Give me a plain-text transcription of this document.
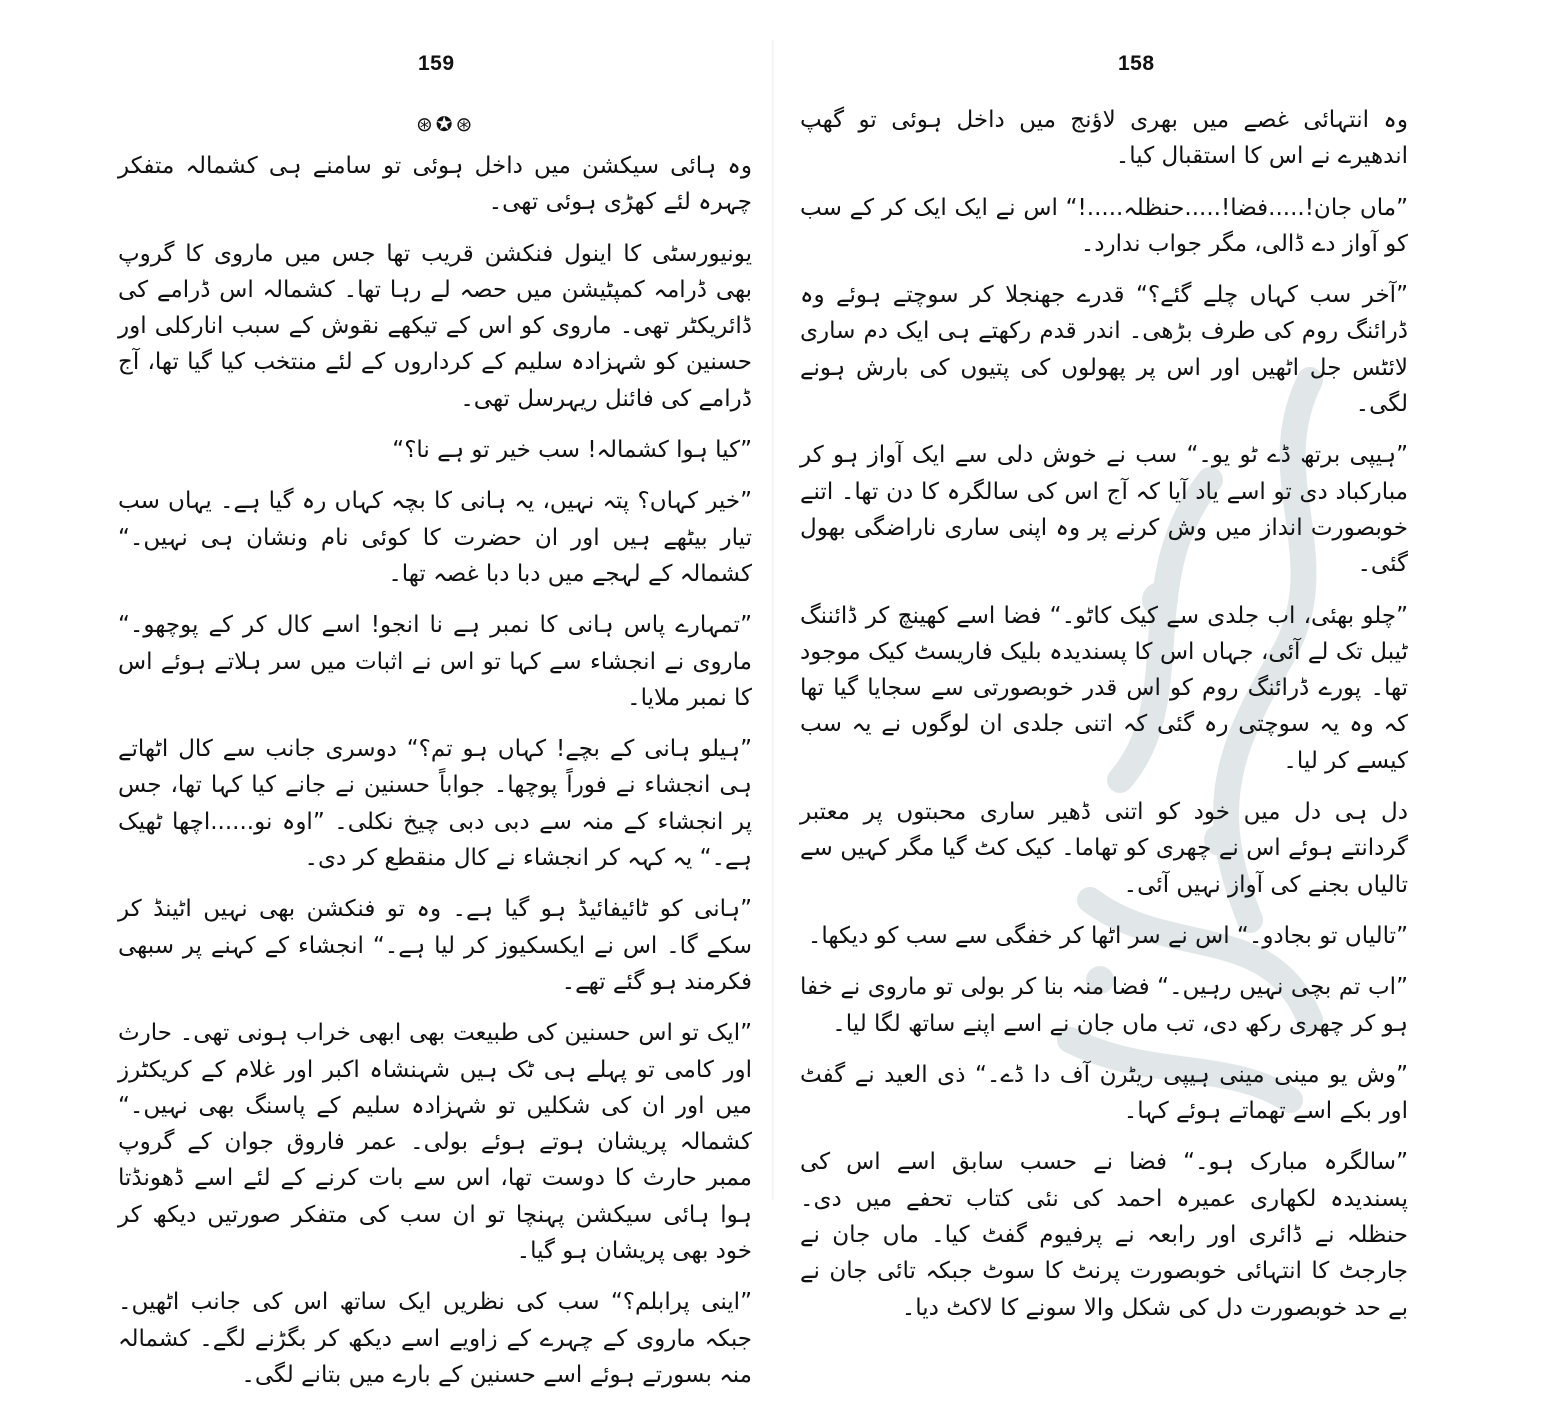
159
⊛✪⊛

وہ ہائی سیکشن میں داخل ہوئی تو سامنے ہی کشمالہ متفکر چہرہ لئے کھڑی ہوئی تھی۔

یونیورسٹی کا اینول فنکشن قریب تھا جس میں ماروی کا گروپ بھی ڈرامہ کمپٹیشن میں حصہ لے رہا تھا۔ کشمالہ اس ڈرامے کی ڈائریکٹر تھی۔ ماروی کو اس کے تیکھے نقوش کے سبب انارکلی اور حسنین کو شہزادہ سلیم کے کرداروں کے لئے منتخب کیا گیا تھا، آج ڈرامے کی فائنل ریہرسل تھی۔

”کیا ہوا کشمالہ! سب خیر تو ہے نا؟“

”خیر کہاں؟ پتہ نہیں، یہ ہانی کا بچہ کہاں رہ گیا ہے۔ یہاں سب تیار بیٹھے ہیں اور ان حضرت کا کوئی نام ونشان ہی نہیں۔“ کشمالہ کے لہجے میں دبا دبا غصہ تھا۔

”تمہارے پاس ہانی کا نمبر ہے نا انجو! اسے کال کر کے پوچھو۔“ ماروی نے انجشاء سے کہا تو اس نے اثبات میں سر ہلاتے ہوئے اس کا نمبر ملایا۔

”ہیلو ہانی کے بچے! کہاں ہو تم؟“ دوسری جانب سے کال اٹھاتے ہی انجشاء نے فوراً پوچھا۔ جواباً حسنین نے جانے کیا کہا تھا، جس پر انجشاء کے منہ سے دبی دبی چیخ نکلی۔ ”اوہ نو......اچھا ٹھیک ہے۔“ یہ کہہ کر انجشاء نے کال منقطع کر دی۔

”ہانی کو ٹائیفائیڈ ہو گیا ہے۔ وہ تو فنکشن بھی نہیں اٹینڈ کر سکے گا۔ اس نے ایکسکیوز کر لیا ہے۔“ انجشاء کے کہنے پر سبھی فکرمند ہو گئے تھے۔

”ایک تو اس حسنین کی طبیعت بھی ابھی خراب ہونی تھی۔ حارث اور کامی تو پہلے ہی ٹک ہیں شہنشاہ اکبر اور غلام کے کریکٹرز میں اور ان کی شکلیں تو شہزادہ سلیم کے پاسنگ بھی نہیں۔“ کشمالہ پریشان ہوتے ہوئے بولی۔ عمر فاروق جوان کے گروپ ممبر حارث کا دوست تھا، اس سے بات کرنے کے لئے اسے ڈھونڈتا ہوا ہائی سیکشن پہنچا تو ان سب کی متفکر صورتیں دیکھ کر خود بھی پریشان ہو گیا۔

”اینی پرابلم؟“ سب کی نظریں ایک ساتھ اس کی جانب اٹھیں۔ جبکہ ماروی کے چہرے کے زاویے اسے دیکھ کر بگڑنے لگے۔ کشمالہ منہ بسورتے ہوئے اسے حسنین کے بارے میں بتانے لگی۔

158

وہ انتہائی غصے میں بھری لاؤنج میں داخل ہوئی تو گھپ اندھیرے نے اس کا استقبال کیا۔

”ماں جان!.....فضا!.....حنظلہ.....!“ اس نے ایک ایک کر کے سب کو آواز دے ڈالی، مگر جواب ندارد۔

”آخر سب کہاں چلے گئے؟“ قدرے جھنجلا کر سوچتے ہوئے وہ ڈرائنگ روم کی طرف بڑھی۔ اندر قدم رکھتے ہی ایک دم ساری لائٹس جل اٹھیں اور اس پر پھولوں کی پتیوں کی بارش ہونے لگی۔

”ہیپی برتھ ڈے ٹو یو۔“ سب نے خوش دلی سے ایک آواز ہو کر مبارکباد دی تو اسے یاد آیا کہ آج اس کی سالگرہ کا دن تھا۔ اتنے خوبصورت انداز میں وش کرنے پر وہ اپنی ساری ناراضگی بھول گئی۔

”چلو بھئی، اب جلدی سے کیک کاٹو۔“ فضا اسے کھینچ کر ڈائننگ ٹیبل تک لے آئی، جہاں اس کا پسندیدہ بلیک فاریسٹ کیک موجود تھا۔ پورے ڈرائنگ روم کو اس قدر خوبصورتی سے سجایا گیا تھا کہ وہ یہ سوچتی رہ گئی کہ اتنی جلدی ان لوگوں نے یہ سب کیسے کر لیا۔

دل ہی دل میں خود کو اتنی ڈھیر ساری محبتوں پر معتبر گردانتے ہوئے اس نے چھری کو تھاما۔ کیک کٹ گیا مگر کہیں سے تالیاں بجنے کی آواز نہیں آئی۔

”تالیاں تو بجادو۔“ اس نے سر اٹھا کر خفگی سے سب کو دیکھا۔

”اب تم بچی نہیں رہیں۔“ فضا منہ بنا کر بولی تو ماروی نے خفا ہو کر چھری رکھ دی، تب ماں جان نے اسے اپنے ساتھ لگا لیا۔

”وش یو مینی مینی ہیپی ریٹرن آف دا ڈے۔“ ذی العید نے گفٹ اور بکے اسے تھماتے ہوئے کہا۔

”سالگرہ مبارک ہو۔“ فضا نے حسب سابق اسے اس کی پسندیدہ لکھاری عمیرہ احمد کی نئی کتاب تحفے میں دی۔ حنظلہ نے ڈائری اور رابعہ نے پرفیوم گفٹ کیا۔ ماں جان نے جارجٹ کا انتہائی خوبصورت پرنٹ کا سوٹ جبکہ تائی جان نے بے حد خوبصورت دل کی شکل والا سونے کا لاکٹ دیا۔
